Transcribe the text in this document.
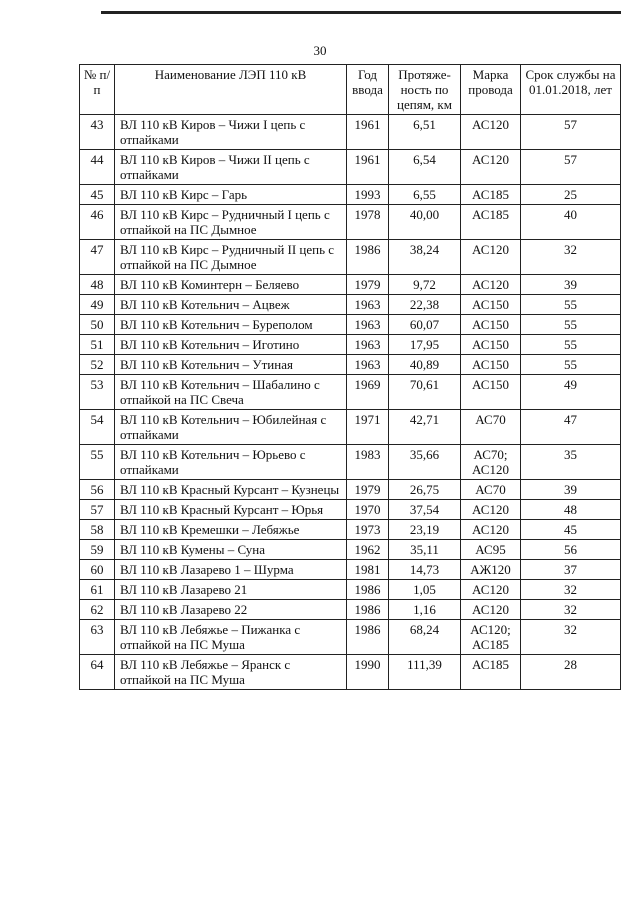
30
№ п/п	Наименование ЛЭП 110 кВ	Год ввода	Протяже-ность по цепям, км	Марка провода	Срок службы на 01.01.2018, лет
43	ВЛ 110 кВ Киров – Чижи I цепь с отпайками	1961	6,51	АС120	57
44	ВЛ 110 кВ Киров – Чижи II цепь с отпайками	1961	6,54	АС120	57
45	ВЛ 110 кВ Кирс – Гарь	1993	6,55	АС185	25
46	ВЛ 110 кВ Кирс – Рудничный I цепь с отпайкой на ПС Дымное	1978	40,00	АС185	40
47	ВЛ 110 кВ Кирс – Рудничный II цепь с отпайкой на ПС Дымное	1986	38,24	АС120	32
48	ВЛ 110 кВ Коминтерн – Беляево	1979	9,72	АС120	39
49	ВЛ 110 кВ Котельнич – Ацвеж	1963	22,38	АС150	55
50	ВЛ 110 кВ Котельнич – Буреполом	1963	60,07	АС150	55
51	ВЛ 110 кВ Котельнич – Иготино	1963	17,95	АС150	55
52	ВЛ 110 кВ Котельнич – Утиная	1963	40,89	АС150	55
53	ВЛ 110 кВ Котельнич – Шабалино с отпайкой на ПС Свеча	1969	70,61	АС150	49
54	ВЛ 110 кВ Котельнич – Юбилейная с отпайками	1971	42,71	АС70	47
55	ВЛ 110 кВ Котельнич – Юрьево с отпайками	1983	35,66	АС70; АС120	35
56	ВЛ 110 кВ Красный Курсант – Кузнецы	1979	26,75	АС70	39
57	ВЛ 110 кВ Красный Курсант – Юрья	1970	37,54	АС120	48
58	ВЛ 110 кВ Кремешки – Лебяжье	1973	23,19	АС120	45
59	ВЛ 110 кВ Кумены – Суна	1962	35,11	АС95	56
60	ВЛ 110 кВ Лазарево 1 – Шурма	1981	14,73	АЖ120	37
61	ВЛ 110 кВ Лазарево 21	1986	1,05	АС120	32
62	ВЛ 110 кВ Лазарево 22	1986	1,16	АС120	32
63	ВЛ 110 кВ Лебяжье – Пижанка с отпайкой на ПС Муша	1986	68,24	АС120; АС185	32
64	ВЛ 110 кВ Лебяжье – Яранск с отпайкой на ПС Муша	1990	111,39	АС185	28
